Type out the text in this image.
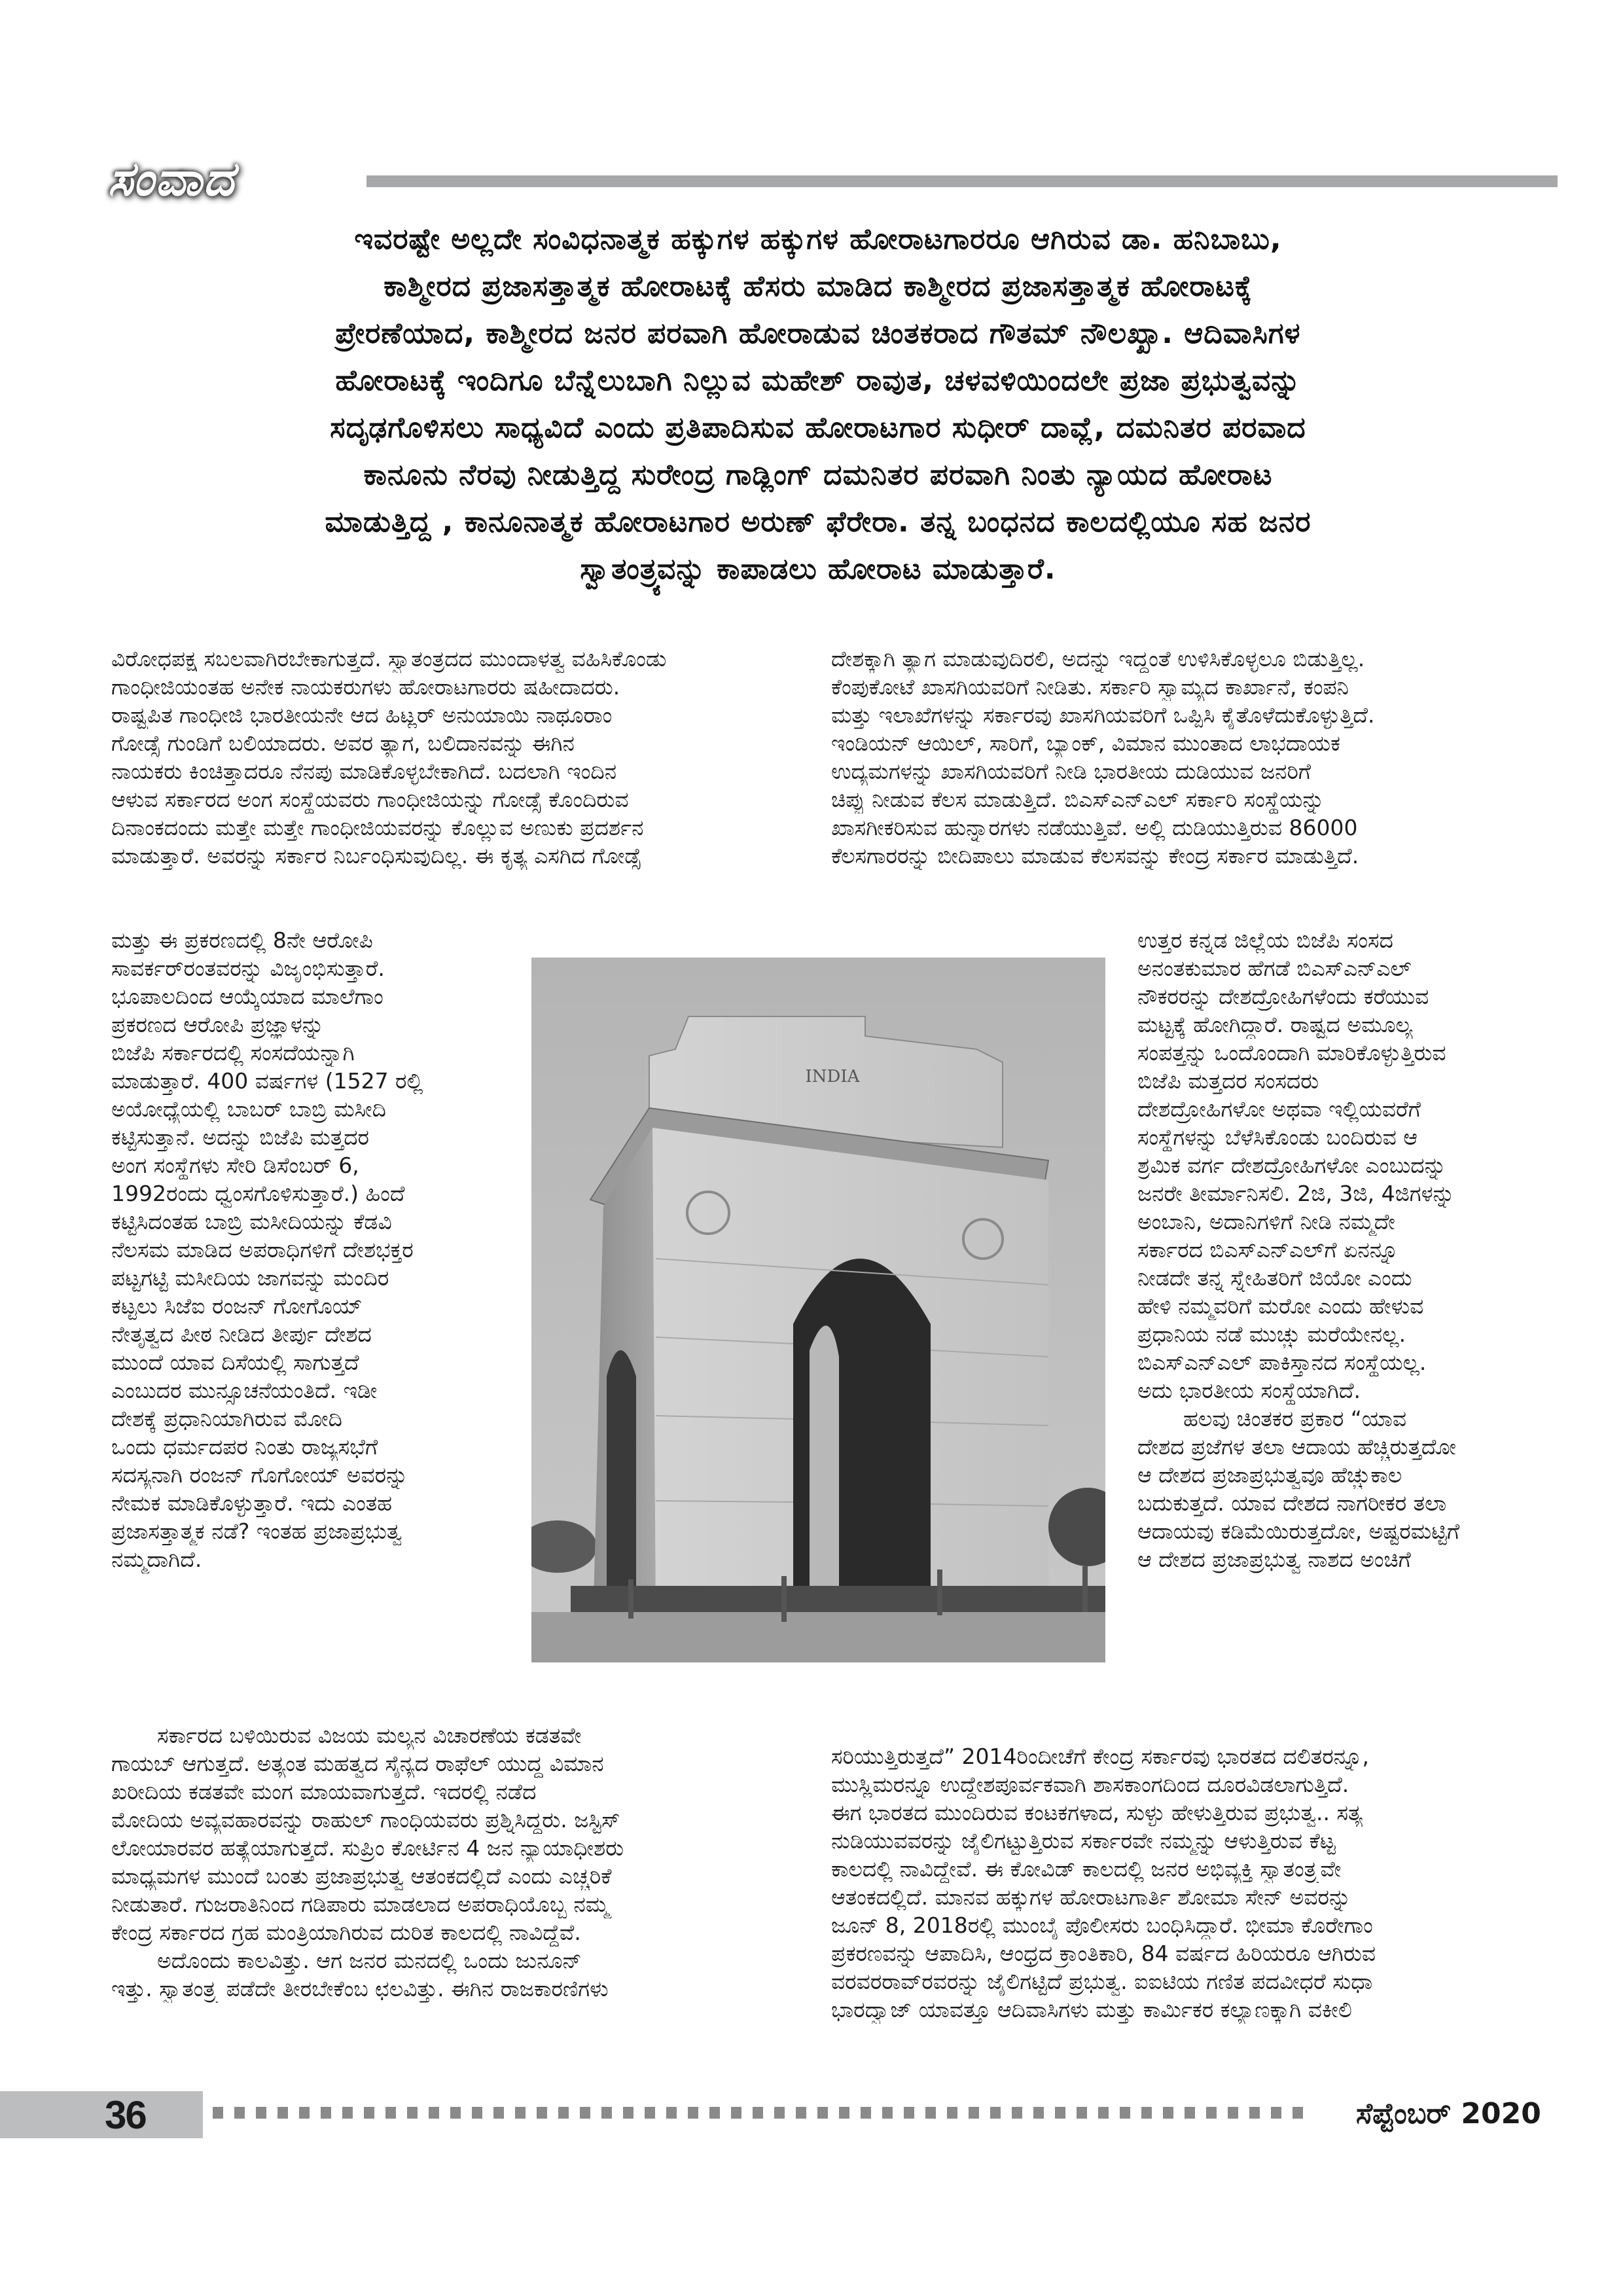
ಸಂವಾದ
ಇವರಷ್ಟೇ ಅಲ್ಲದೇ ಸಂವಿಧನಾತ್ಮಕ ಹಕ್ಕುಗಳ ಹಕ್ಕುಗಳ ಹೋರಾಟಗಾರರೂ ಆಗಿರುವ ಡಾ. ಹನಿಬಾಬು,
ಕಾಶ್ಮೀರದ ಪ್ರಜಾಸತ್ತಾತ್ಮಕ ಹೋರಾಟಕ್ಕೆ ಹೆಸರು ಮಾಡಿದ ಕಾಶ್ಮೀರದ ಪ್ರಜಾಸತ್ತಾತ್ಮಕ ಹೋರಾಟಕ್ಕೆ
ಪ್ರೇರಣೆಯಾದ, ಕಾಶ್ಮೀರದ ಜನರ ಪರವಾಗಿ ಹೋರಾಡುವ ಚಿಂತಕರಾದ ಗೌತಮ್ ನೌಲಖ್ಖಾ. ಆದಿವಾಸಿಗಳ
ಹೋರಾಟಕ್ಕೆ ಇಂದಿಗೂ ಬೆನ್ನೆಲುಬಾಗಿ ನಿಲ್ಲುವ ಮಹೇಶ್ ರಾವುತ, ಚಳವಳಿಯಿಂದಲೇ ಪ್ರಜಾ ಪ್ರಭುತ್ವವನ್ನು
ಸದೃಢಗೊಳಿಸಲು ಸಾಧ್ಯವಿದೆ ಎಂದು ಪ್ರತಿಪಾದಿಸುವ ಹೋರಾಟಗಾರ ಸುಧೀರ್ ದಾವ್ಲೆ, ದಮನಿತರ ಪರವಾದ
ಕಾನೂನು ನೆರವು ನೀಡುತ್ತಿದ್ದ ಸುರೇಂದ್ರ ಗಾಡ್ಲಿಂಗ್ ದಮನಿತರ ಪರವಾಗಿ ನಿಂತು ನ್ಯಾಯದ ಹೋರಾಟ
ಮಾಡುತ್ತಿದ್ದ , ಕಾನೂನಾತ್ಮಕ ಹೋರಾಟಗಾರ ಅರುಣ್ ಫೆರೇರಾ. ತನ್ನ ಬಂಧನದ ಕಾಲದಲ್ಲಿಯೂ ಸಹ ಜನರ
ಸ್ವಾತಂತ್ರ್ಯವನ್ನು ಕಾಪಾಡಲು ಹೋರಾಟ ಮಾಡುತ್ತಾರೆ.
ವಿರೋಧಪಕ್ಷ ಸಬಲವಾಗಿರಬೇಕಾಗುತ್ತದೆ. ಸ್ವಾತಂತ್ರದದ ಮುಂದಾಳತ್ವ ವಹಿಸಿಕೊಂಡು
ಗಾಂಧೀಜಿಯಂತಹ ಅನೇಕ ನಾಯಕರುಗಳು ಹೋರಾಟಗಾರರು ಷಹೀದಾದರು.
ರಾಷ್ಟ್ರಪಿತ ಗಾಂಧೀಜಿ ಭಾರತೀಯನೇ ಆದ ಹಿಟ್ಲರ್ ಅನುಯಾಯಿ ನಾಥೂರಾಂ
ಗೋಡ್ಸೆ ಗುಂಡಿಗೆ ಬಲಿಯಾದರು. ಅವರ ತ್ಯಾಗ, ಬಲಿದಾನವನ್ನು ಈಗಿನ
ನಾಯಕರು ಕಿಂಚಿತ್ತಾದರೂ ನೆನಪು ಮಾಡಿಕೊಳ್ಳಬೇಕಾಗಿದೆ. ಬದಲಾಗಿ ಇಂದಿನ
ಆಳುವ ಸರ್ಕಾರದ ಅಂಗ ಸಂಸ್ಥೆಯವರು ಗಾಂಧೀಜಿಯನ್ನು ಗೋಡ್ಸೆ ಕೊಂದಿರುವ
ದಿನಾಂಕದಂದು ಮತ್ತೇ ಮತ್ತೇ ಗಾಂಧೀಜಿಯವರನ್ನು ಕೊಲ್ಲುವ ಅಣುಕು ಪ್ರದರ್ಶನ
ಮಾಡುತ್ತಾರೆ. ಅವರನ್ನು ಸರ್ಕಾರ ನಿರ್ಬಂಧಿಸುವುದಿಲ್ಲ. ಈ ಕೃತ್ಯ ಎಸಗಿದ ಗೋಡ್ಸೆ
ಮತ್ತು ಈ ಪ್ರಕರಣದಲ್ಲಿ 8ನೇ ಆರೋಪಿ
ಸಾವರ್ಕರ್‌ರಂತವರನ್ನು ವಿಜೃಂಭಿಸುತ್ತಾರೆ.
ಭೂಪಾಲದಿಂದ ಆಯ್ಕೆಯಾದ ಮಾಲೆಗಾಂ
ಪ್ರಕರಣದ ಆರೋಪಿ ಪ್ರಜ್ಞಾಳನ್ನು
ಬಿಜೆಪಿ ಸರ್ಕಾರದಲ್ಲಿ ಸಂಸದೆಯನ್ನಾಗಿ
ಮಾಡುತ್ತಾರೆ. 400 ವರ್ಷಗಳ (1527 ರಲ್ಲಿ
ಅಯೋಧ್ಯೆಯಲ್ಲಿ ಬಾಬರ್ ಬಾಬ್ರಿ ಮಸೀದಿ
ಕಟ್ಟಿಸುತ್ತಾನೆ. ಅದನ್ನು ಬಿಜೆಪಿ ಮತ್ತದರ
ಅಂಗ ಸಂಸ್ಥೆಗಳು ಸೇರಿ ಡಿಸೆಂಬರ್ 6,
1992ರಂದು ಧ್ವಂಸಗೊಳಿಸುತ್ತಾರೆ.) ಹಿಂದೆ
ಕಟ್ಟಿಸಿದಂತಹ ಬಾಬ್ರಿ ಮಸೀದಿಯನ್ನು ಕೆಡವಿ
ನೆಲಸಮ ಮಾಡಿದ ಅಪರಾಧಿಗಳಿಗೆ ದೇಶಭಕ್ತರ
ಪಟ್ಟಗಟ್ಟಿ ಮಸೀದಿಯ ಜಾಗವನ್ನು ಮಂದಿರ
ಕಟ್ಟಲು ಸಿಜೆಐ ರಂಜನ್ ಗೋಗೊಯ್
ನೇತೃತ್ವದ ಪೀಠ ನೀಡಿದ ತೀರ್ಪು ದೇಶದ
ಮುಂದೆ ಯಾವ ದಿಸೆಯಲ್ಲಿ ಸಾಗುತ್ತದೆ
ಎಂಬುದರ ಮುನ್ಸೂಚನೆಯಂತಿದೆ. ಇಡೀ
ದೇಶಕ್ಕೆ ಪ್ರಧಾನಿಯಾಗಿರುವ ಮೋದಿ
ಒಂದು ಧರ್ಮದಪರ ನಿಂತು ರಾಜ್ಯಸಭೆಗೆ
ಸದಸ್ಯನಾಗಿ ರಂಜನ್ ಗೊಗೋಯ್ ಅವರನ್ನು
ನೇಮಕ ಮಾಡಿಕೊಳ್ಳುತ್ತಾರೆ. ಇದು ಎಂತಹ
ಪ್ರಜಾಸತ್ತಾತ್ಮಕ ನಡೆ? ಇಂತಹ ಪ್ರಜಾಪ್ರಭುತ್ವ
ನಮ್ಮದಾಗಿದೆ.
ಸರ್ಕಾರದ ಬಳಿಯಿರುವ ವಿಜಯ ಮಲ್ಯನ ವಿಚಾರಣೆಯ ಕಡತವೇ
ಗಾಯಬ್ ಆಗುತ್ತದೆ. ಅತ್ಯಂತ ಮಹತ್ವದ ಸೈನ್ಯದ ರಾಫೆಲ್ ಯುದ್ಧ ವಿಮಾನ
ಖರೀದಿಯ ಕಡತವೇ ಮಂಗ ಮಾಯವಾಗುತ್ತದೆ. ಇದರಲ್ಲಿ ನಡೆದ
ಮೋದಿಯ ಅವ್ಯವಹಾರವನ್ನು ರಾಹುಲ್ ಗಾಂಧಿಯವರು ಪ್ರಶ್ನಿಸಿದ್ದರು. ಜಸ್ಟಿಸ್
ಲೋಯಾರವರ ಹತ್ಯೆಯಾಗುತ್ತದೆ. ಸುಪ್ರಿಂ ಕೋರ್ಟಿನ 4 ಜನ ನ್ಯಾಯಾಧೀಶರು
ಮಾಧ್ಯಮಗಳ ಮುಂದೆ ಬಂತು ಪ್ರಜಾಪ್ರಭುತ್ವ ಆತಂಕದಲ್ಲಿದೆ ಎಂದು ಎಚ್ಚರಿಕೆ
ನೀಡುತಾರೆ. ಗುಜರಾತಿನಿಂದ ಗಡಿಪಾರು ಮಾಡಲಾದ ಅಪರಾಧಿಯೊಬ್ಬ ನಮ್ಮ
ಕೇಂದ್ರ ಸರ್ಕಾರದ ಗ್ರಹ ಮಂತ್ರಿಯಾಗಿರುವ ದುರಿತ ಕಾಲದಲ್ಲಿ ನಾವಿದ್ದೆವೆ.
ಅದೊಂದು ಕಾಲವಿತ್ತು. ಆಗ ಜನರ ಮನದಲ್ಲಿ ಒಂದು ಜುನೂನ್
ಇತ್ತು. ಸ್ವಾತಂತ್ರ್ಯ ಪಡೆದೇ ತೀರಬೇಕೆಂಬ ಛಲವಿತ್ತು. ಈಗಿನ ರಾಜಕಾರಣಿಗಳು
ದೇಶಕ್ಕಾಗಿ ತ್ಯಾಗ ಮಾಡುವುದಿರಲಿ, ಅದನ್ನು ಇದ್ದಂತೆ ಉಳಿಸಿಕೊಳ್ಳಲೂ ಬಿಡುತ್ತಿಲ್ಲ.
ಕೆಂಪುಕೋಟೆ ಖಾಸಗಿಯವರಿಗೆ ನೀಡಿತು. ಸರ್ಕಾರಿ ಸ್ವಾಮ್ಯದ ಕಾರ್ಖಾನೆ, ಕಂಪನಿ
ಮತ್ತು ಇಲಾಖೆಗಳನ್ನು ಸರ್ಕಾರವು ಖಾಸಗಿಯವರಿಗೆ ಒಪ್ಪಿಸಿ ಕೈತೊಳೆದುಕೊಳ್ಳುತ್ತಿದೆ.
ಇಂಡಿಯನ್ ಆಯಿಲ್, ಸಾರಿಗೆ, ಬ್ಯಾಂಕ್, ವಿಮಾನ ಮುಂತಾದ ಲಾಭದಾಯಕ
ಉದ್ಯಮಗಳನ್ನು ಖಾಸಗಿಯವರಿಗೆ ನೀಡಿ ಭಾರತೀಯ ದುಡಿಯುವ ಜನರಿಗೆ
ಚಿಪ್ಪು ನೀಡುವ ಕೆಲಸ ಮಾಡುತ್ತಿದೆ. ಬಿಎಸ್‌ಎನ್‌ಎಲ್ ಸರ್ಕಾರಿ ಸಂಸ್ಥೆಯನ್ನು
ಖಾಸಗೀಕರಿಸುವ ಹುನ್ನಾರಗಳು ನಡೆಯುತ್ತಿವೆ. ಅಲ್ಲಿ ದುಡಿಯುತ್ತಿರುವ 86000
ಕೆಲಸಗಾರರನ್ನು ಬೀದಿಪಾಲು ಮಾಡುವ ಕೆಲಸವನ್ನು ಕೇಂದ್ರ ಸರ್ಕಾರ ಮಾಡುತ್ತಿದೆ.
ಉತ್ತರ ಕನ್ನಡ ಜಿಲ್ಲೆಯ ಬಿಜೆಪಿ ಸಂಸದ
ಅನಂತಕುಮಾರ ಹೆಗಡೆ ಬಿಎಸ್‌ಎನ್‌ಎಲ್
ನೌಕರರನ್ನು ದೇಶದ್ರೋಹಿಗಳೆಂದು ಕರೆಯುವ
ಮಟ್ಟಕ್ಕೆ ಹೋಗಿದ್ದಾರೆ. ರಾಷ್ಟ್ರದ ಅಮೂಲ್ಯ
ಸಂಪತ್ತನ್ನು ಒಂದೊಂದಾಗಿ ಮಾರಿಕೊಳ್ಳುತ್ತಿರುವ
ಬಿಜೆಪಿ ಮತ್ತದರ ಸಂಸದರು
ದೇಶದ್ರೋಹಿಗಳೋ ಅಥವಾ ಇಲ್ಲಿಯವರೆಗೆ
ಸಂಸ್ಥೆಗಳನ್ನು ಬೆಳೆಸಿಕೊಂಡು ಬಂದಿರುವ ಆ
ಶ್ರಮಿಕ ವರ್ಗ ದೇಶದ್ರೋಹಿಗಳೋ ಎಂಬುದನ್ನು
ಜನರೇ ತೀರ್ಮಾನಿಸಲಿ. 2ಜಿ, 3ಜಿ, 4ಜಿಗಳನ್ನು
ಅಂಬಾನಿ, ಅದಾನಿಗಳಿಗೆ ನೀಡಿ ನಮ್ಮದೇ
ಸರ್ಕಾರದ ಬಿಎಸ್‌ಎನ್‌ಎಲ್‌ಗೆ ಏನನ್ನೂ
ನೀಡದೇ ತನ್ನ ಸ್ನೇಹಿತರಿಗೆ ಜಿಯೋ ಎಂದು
ಹೇಳಿ ನಮ್ಮವರಿಗೆ ಮರೋ ಎಂದು ಹೇಳುವ
ಪ್ರಧಾನಿಯ ನಡೆ ಮುಚ್ಚು ಮರೆಯೇನಲ್ಲ.
ಬಿಎಸ್‌ಎನ್‌ಎಲ್ ಪಾಕಿಸ್ತಾನದ ಸಂಸ್ಥೆಯಲ್ಲ.
ಅದು ಭಾರತೀಯ ಸಂಸ್ಥೆಯಾಗಿದೆ.
ಹಲವು ಚಿಂತಕರ ಪ್ರಕಾರ “ಯಾವ
ದೇಶದ ಪ್ರಜೆಗಳ ತಲಾ ಆದಾಯ ಹೆಚ್ಚಿರುತ್ತದೋ
ಆ ದೇಶದ ಪ್ರಜಾಪ್ರಭುತ್ವವೂ ಹೆಚ್ಚುಕಾಲ
ಬದುಕುತ್ತದೆ. ಯಾವ ದೇಶದ ನಾಗರೀಕರ ತಲಾ
ಆದಾಯವು ಕಡಿಮೆಯಿರುತ್ತದೋ, ಅಷ್ಟರಮಟ್ಟಿಗೆ
ಆ ದೇಶದ ಪ್ರಜಾಪ್ರಭುತ್ವ ನಾಶದ ಅಂಚಿಗೆ
ಸರಿಯುತ್ತಿರುತ್ತದೆ” 2014ರಿಂದೀಚೆಗೆ ಕೇಂದ್ರ ಸರ್ಕಾರವು ಭಾರತದ ದಲಿತರನ್ನೂ,
ಮುಸ್ಲಿಮರನ್ನೂ ಉದ್ದೇಶಪೂರ್ವಕವಾಗಿ ಶಾಸಕಾಂಗದಿಂದ ದೂರವಿಡಲಾಗುತ್ತಿದೆ.
ಈಗ ಭಾರತದ ಮುಂದಿರುವ ಕಂಟಕಗಳಾದ, ಸುಳ್ಳು ಹೇಳುತ್ತಿರುವ ಪ್ರಭುತ್ವ.. ಸತ್ಯ
ನುಡಿಯುವವರನ್ನು ಜೈಲಿಗಟ್ಟುತ್ತಿರುವ ಸರ್ಕಾರವೇ ನಮ್ಮನ್ನು ಆಳುತ್ತಿರುವ ಕೆಟ್ಟ
ಕಾಲದಲ್ಲಿ ನಾವಿದ್ದೇವೆ. ಈ ಕೋವಿಡ್ ಕಾಲದಲ್ಲಿ ಜನರ ಅಭಿವ್ಯಕ್ತಿ ಸ್ವಾತಂತ್ರ್ಯವೇ
ಆತಂಕದಲ್ಲಿದೆ. ಮಾನವ ಹಕ್ಕುಗಳ ಹೋರಾಟಗಾರ್ತಿ ಶೋಮಾ ಸೇನ್ ಅವರನ್ನು
ಜೂನ್ 8, 2018ರಲ್ಲಿ ಮುಂಬೈ ಪೊಲೀಸರು ಬಂಧಿಸಿದ್ದಾರೆ. ಭೀಮಾ ಕೊರೇಗಾಂ
ಪ್ರಕರಣವನ್ನು ಆಪಾದಿಸಿ, ಆಂಧ್ರದ ಕ್ರಾಂತಿಕಾರಿ, 84 ವರ್ಷದ ಹಿರಿಯರೂ ಆಗಿರುವ
ವರವರರಾವ್‌ರವರನ್ನು ಜೈಲಿಗಟ್ಟಿದೆ ಪ್ರಭುತ್ವ. ಐಐಟಿಯ ಗಣಿತ ಪದವೀಧರೆ ಸುಧಾ
ಭಾರದ್ವಾಜ್ ಯಾವತ್ತೂ ಆದಿವಾಸಿಗಳು ಮತ್ತು ಕಾರ್ಮಿಕರ ಕಲ್ಯಾಣಕ್ಕಾಗಿ ವಕೀಲಿ
INDIA
36	ಸೆಪ್ಟೆಂಬರ್ 2020
